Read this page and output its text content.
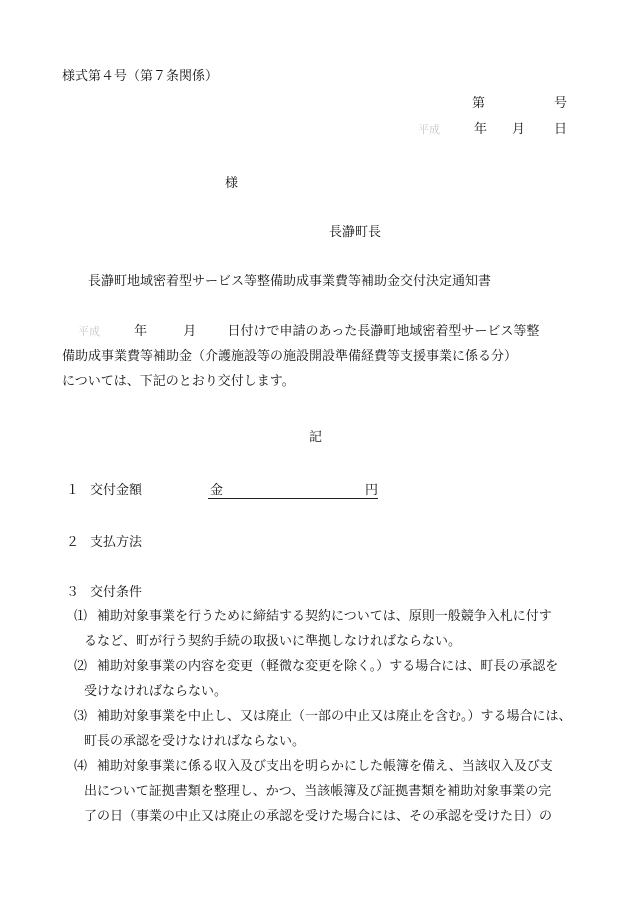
様式第４号（第７条関係）
第	号
平成	年 月 日
様
長瀞町長
長瀞町地域密着型サービス等整備助成事業費等補助金交付決定通知書
平成	年	月 日付けで申請のあった長瀞町地域密着型サービス等整
備助成事業費等補助金（介護施設等の施設開設準備経費等支援事業に係る分）
については、下記のとおり交付します。
記
１ 交付金額	金	円
２ 支払方法
３ 交付条件
⑴ 補助対象事業を行うために締結する契約については、原則一般競争入札に付す
るなど、町が行う契約手続の取扱いに準拠しなければならない。
⑵ 補助対象事業の内容を変更（軽微な変更を除く。）する場合には、町長の承認を
受けなければならない。
⑶ 補助対象事業を中止し、又は廃止（一部の中止又は廃止を含む。）する場合には、
町長の承認を受けなければならない。
⑷ 補助対象事業に係る収入及び支出を明らかにした帳簿を備え、当該収入及び支
出について証拠書類を整理し、かつ、当該帳簿及び証拠書類を補助対象事業の完
了の日（事業の中止又は廃止の承認を受けた場合には、その承認を受けた日）の
